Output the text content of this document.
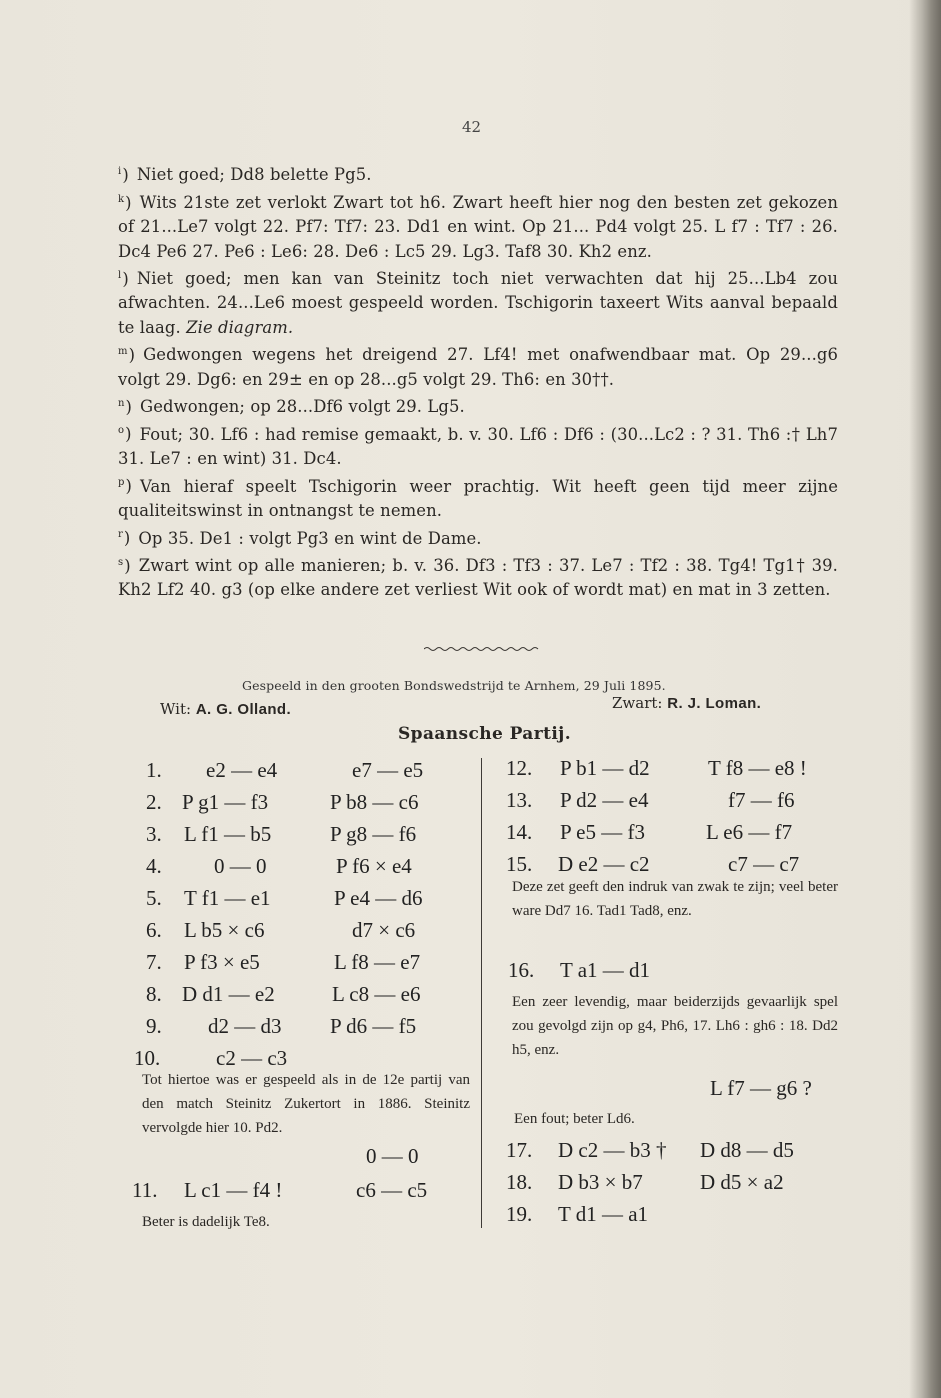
42
$^i$) Niet goed; Dd8 belette Pg5.
$^k$) Wits 21ste zet verlokt Zwart tot h6. Zwart heeft hier nog den besten zet gekozen of 21...Le7 volgt 22. Pf7: Tf7: 23. Dd1 en wint. Op 21... Pd4 volgt 25. L f7 : Tf7 : 26. Dc4 Pe6 27. Pe6 : Le6: 28. De6 : Lc5 29. Lg3. Taf8 30. Kh2 enz.
$^l$) Niet goed; men kan van Steinitz toch niet verwachten dat hij 25...Lb4 zou afwachten. 24...Le6 moest gespeeld worden. Tschigorin taxeert Wits aanval bepaald te laag. Zie diagram.
$^m$) Gedwongen wegens het dreigend 27. Lf4! met onafwendbaar mat. Op 29...g6 volgt 29. Dg6: en 29± en op 28...g5 volgt 29. Th6: en 30††.
$^n$) Gedwongen; op 28...Df6 volgt 29. Lg5.
$^o$) Fout; 30. Lf6 : had remise gemaakt, b. v. 30. Lf6 : Df6 : (30...Lc2 : ? 31. Th6 :† Lh7 31. Le7 : en wint) 31. Dc4.
$^p$) Van hieraf speelt Tschigorin weer prachtig. Wit heeft geen tijd meer zijne qualiteitswinst in ontnangst te nemen.
$^r$) Op 35. De1 : volgt Pg3 en wint de Dame.
$^s$) Zwart wint op alle manieren; b. v. 36. Df3 : Tf3 : 37. Le7 : Tf2 : 38. Tg4! Tg1† 39. Kh2 Lf2 40. g3 (op elke andere zet verliest Wit ook of wordt mat) en mat in 3 zetten.
Gespeeld in den grooten Bondswedstrijd te Arnhem, 29 Juli 1895.
Wit: A. G. Olland.	Zwart: R. J. Loman.
Spaansche Partij.
1. e2 — e4	e7 — e5
2. P g1 — f3	P b8 — c6
3. L f1 — b5	P g8 — f6
4. 0 — 0	P f6 × e4
5. T f1 — e1	P e4 — d6
6. L b5 × c6	d7 × c6
7. P f3 × e5	L f8 — e7
8. D d1 — e2	L c8 — e6
9. d2 — d3 P d6 — f5
10.	c2 — c3
Tot hiertoe was er gespeeld als in de 12e partij van den match Steinitz Zukertort in 1886. Steinitz vervolgde hier 10. Pd2.
0 — 0
11. L c1 — f4 !	c6 — c5
Beter is dadelijk Te8.
12. P b1 — d2	T f8 — e8 !
13. P d2 — e4	f7 — f6
14. P e5 — f3	L e6 — f7
15. D e2 — c2	c7 — c7
Deze zet geeft den indruk van zwak te zijn; veel beter ware Dd7 16. Tad1 Tad8, enz.
16. T a1 — d1
Een zeer levendig, maar beiderzijds gevaarlijk spel zou gevolgd zijn op g4, Ph6, 17. Lh6 : gh6 : 18. Dd2 h5, enz.
L f7 — g6 ?
Een fout; beter Ld6.
17. D c2 — b3 † D d8 — d5
18. D b3 × b7	D d5 × a2
19. T d1 — a1
